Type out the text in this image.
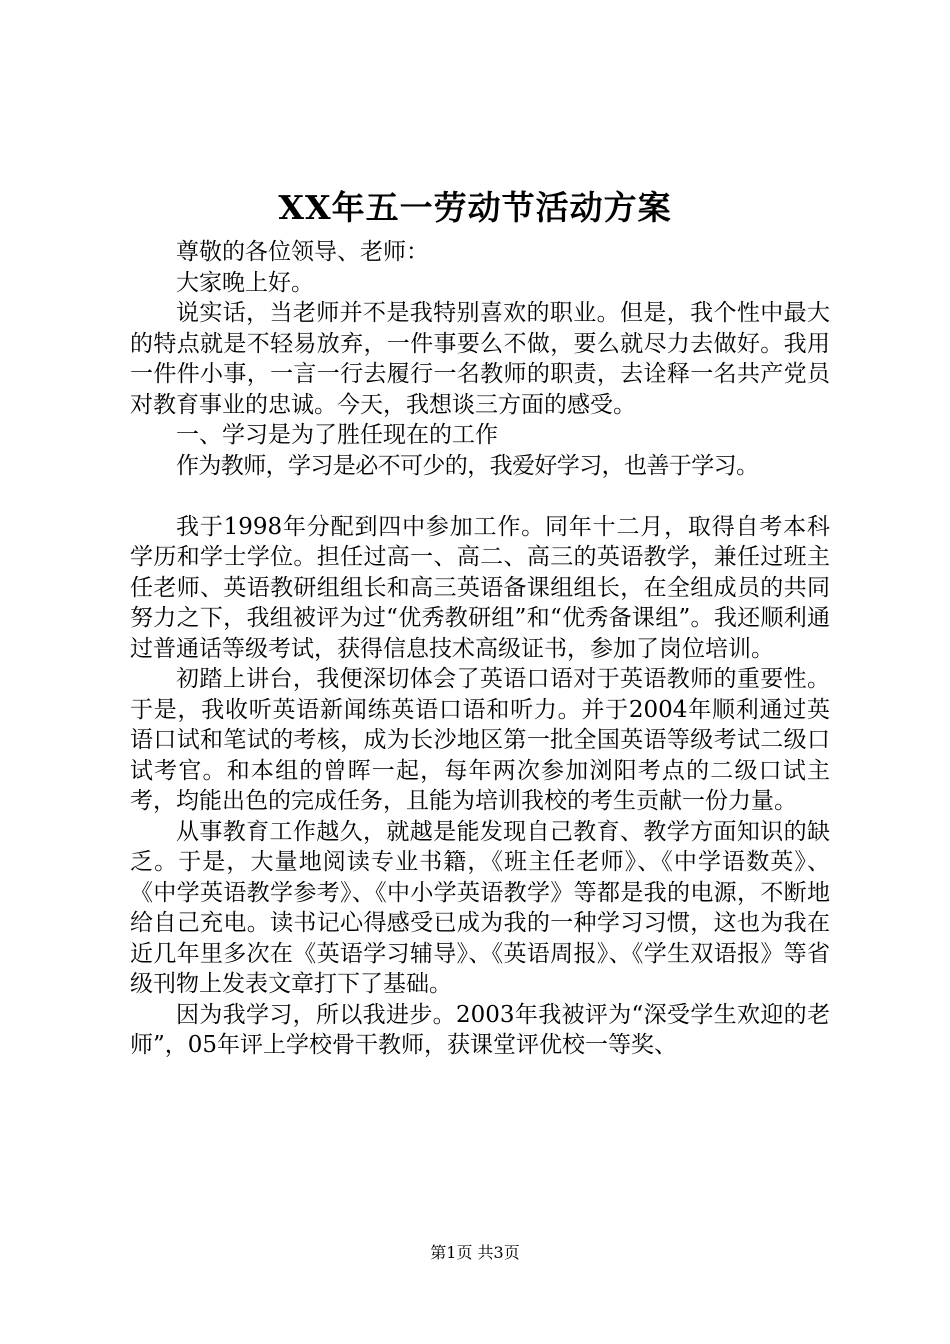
XX年五一劳动节活动方案

尊敬的各位领导、老师：

大家晚上好。

说实话，当老师并不是我特别喜欢的职业。但是，我个性中最大的特点就是不轻易放弃，一件事要么不做，要么就尽力去做好。我用一件件小事，一言一行去履行一名教师的职责，去诠释一名共产党员对教育事业的忠诚。今天，我想谈三方面的感受。

一、学习是为了胜任现在的工作

作为教师，学习是必不可少的，我爱好学习，也善于学习。

我于1998年分配到四中参加工作。同年十二月，取得自考本科学历和学士学位。担任过高一、高二、高三的英语教学，兼任过班主任老师、英语教研组组长和高三英语备课组组长，在全组成员的共同努力之下，我组被评为过“优秀教研组”和“优秀备课组”。我还顺利通过普通话等级考试，获得信息技术高级证书，参加了岗位培训。

初踏上讲台，我便深切体会了英语口语对于英语教师的重要性。于是，我收听英语新闻练英语口语和听力。并于2004年顺利通过英语口试和笔试的考核，成为长沙地区第一批全国英语等级考试二级口试考官。和本组的曾晖一起，每年两次参加浏阳考点的二级口试主考，均能出色的完成任务，且能为培训我校的考生贡献一份力量。

从事教育工作越久，就越是能发现自己教育、教学方面知识的缺乏。于是，大量地阅读专业书籍，《班主任老师》、《中学语数英》、《中学英语教学参考》、《中小学英语教学》等都是我的电源，不断地给自己充电。读书记心得感受已成为我的一种学习习惯，这也为我在近几年里多次在《英语学习辅导》、《英语周报》、《学生双语报》等省级刊物上发表文章打下了基础。

因为我学习，所以我进步。2003年我被评为“深受学生欢迎的老师”，05年评上学校骨干教师，获课堂评优校一等奖、

第1页 共3页
